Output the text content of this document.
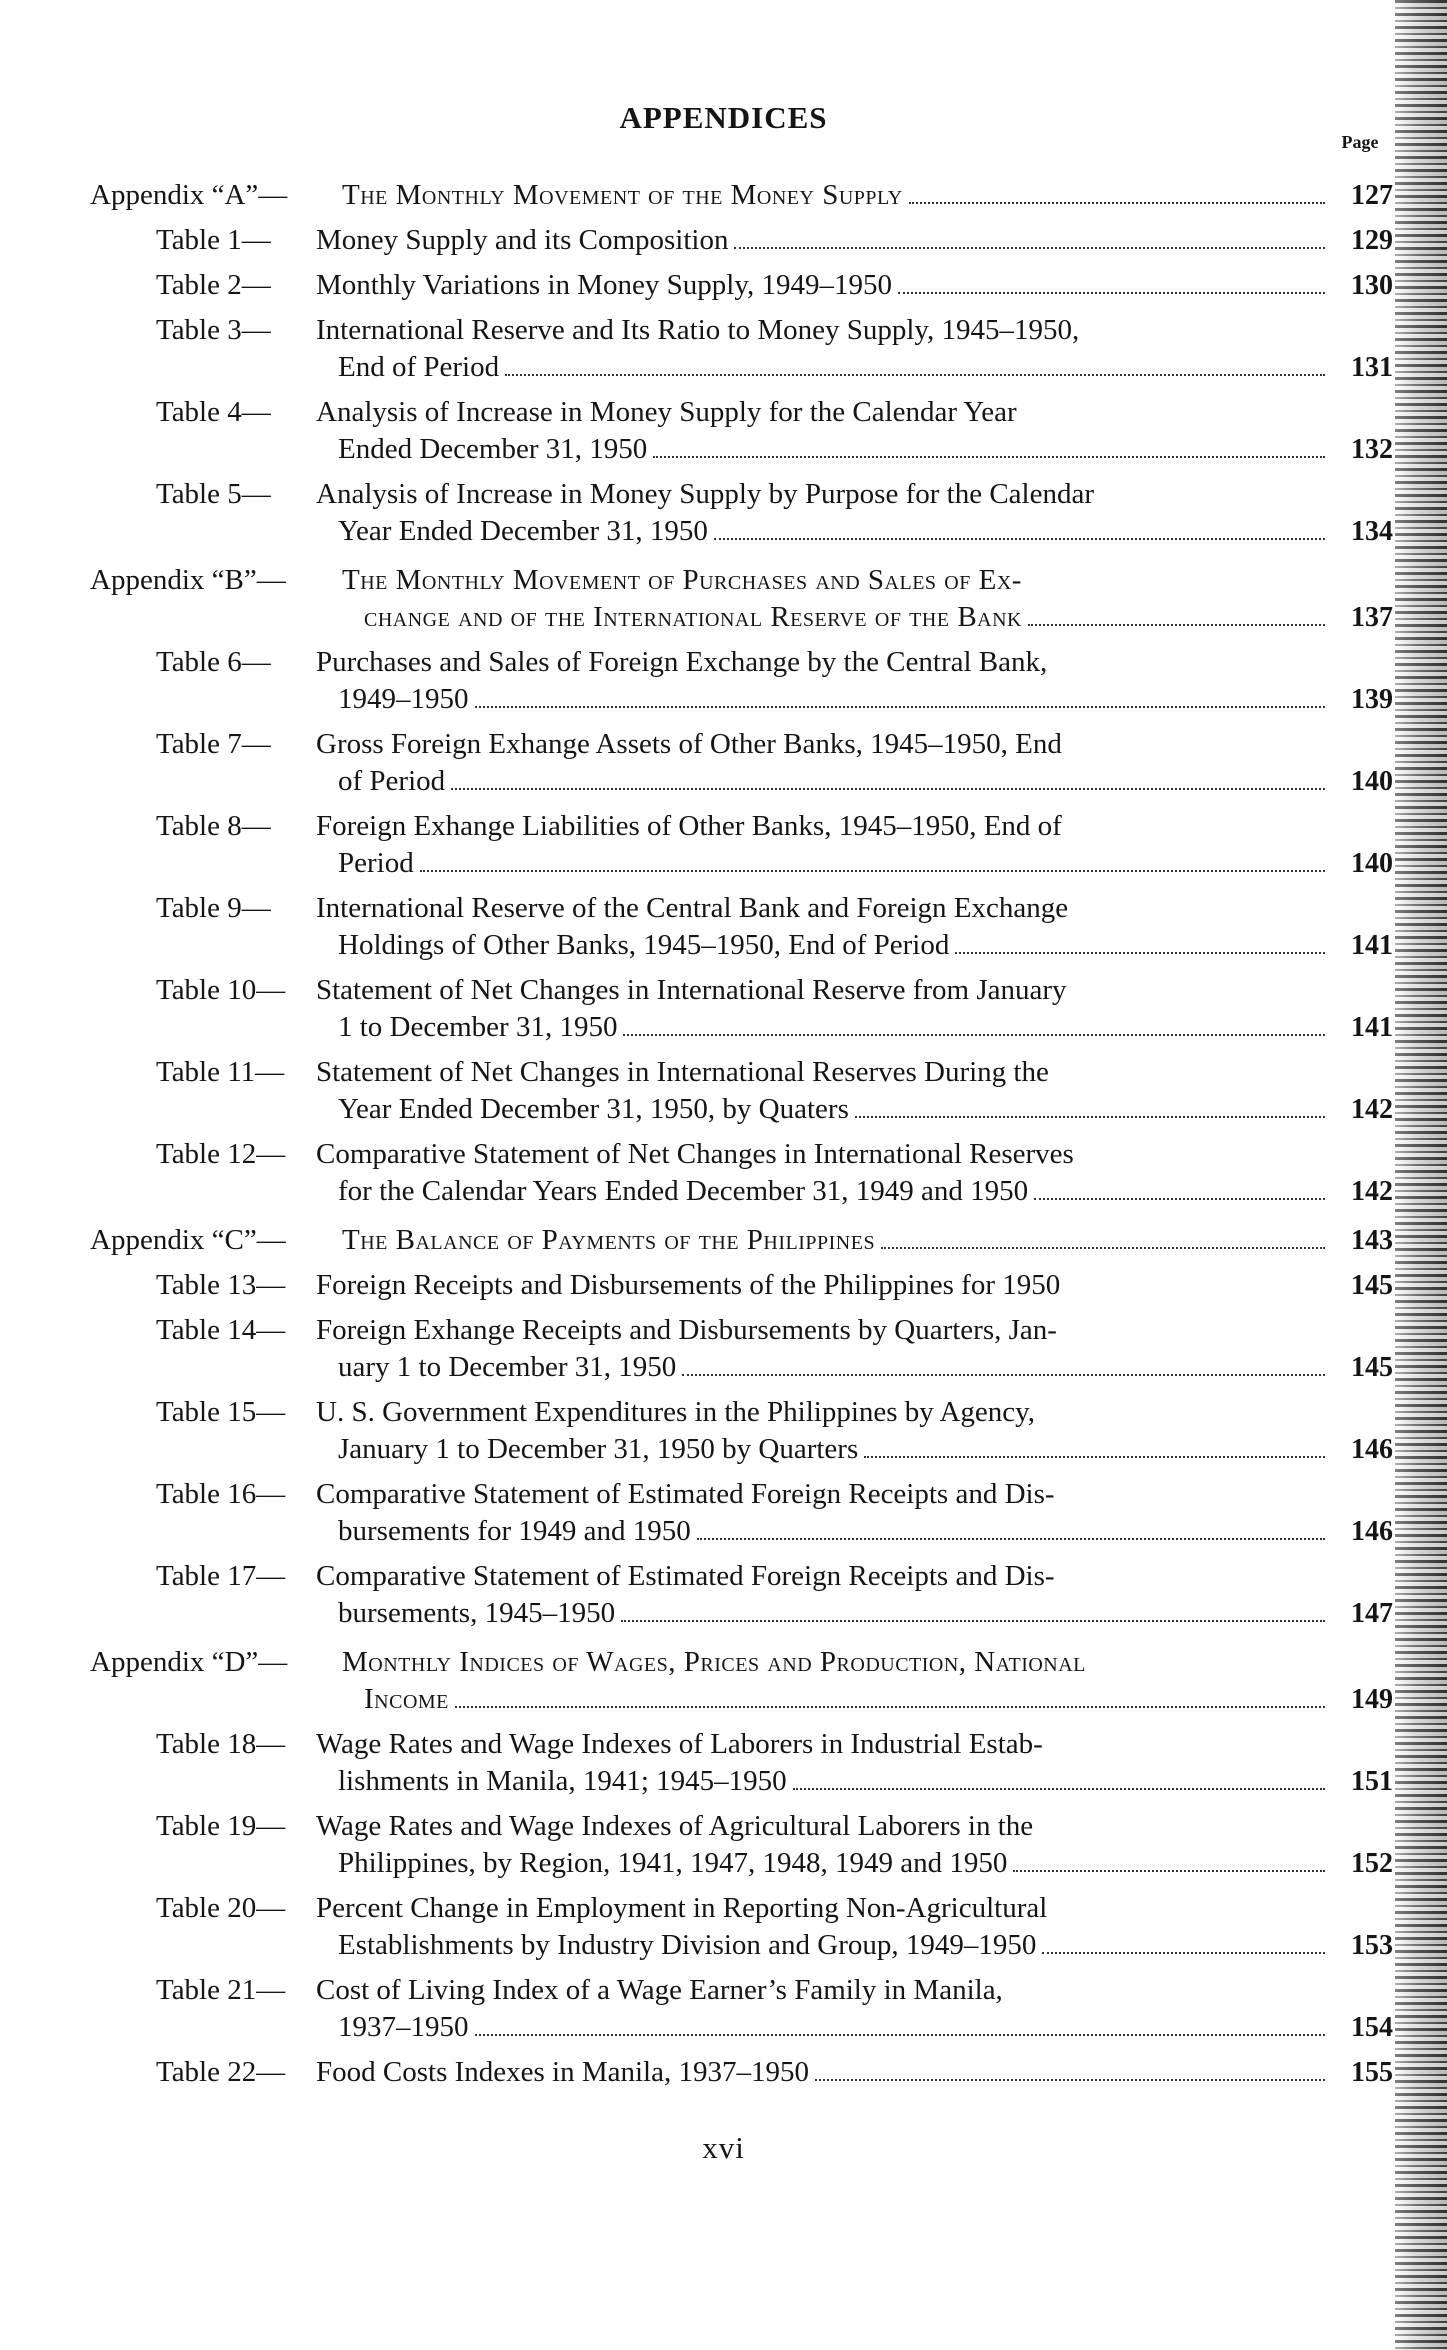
APPENDICES
Page
Appendix “A”— The Monthly Movement of the Money Supply	127
Table 1— Money Supply and its Composition	129
Table 2— Monthly Variations in Money Supply, 1949–1950	130
Table 3— International Reserve and Its Ratio to Money Supply, 1945–1950,
End of Period	131
Table 4— Analysis of Increase in Money Supply for the Calendar Year
Ended December 31, 1950	132
Table 5— Analysis of Increase in Money Supply by Purpose for the Calendar
Year Ended December 31, 1950	134
Appendix “B”— The Monthly Movement of Purchases and Sales of Ex-
change and of the International Reserve of the Bank	137
Table 6— Purchases and Sales of Foreign Exchange by the Central Bank,
1949–1950	139
Table 7— Gross Foreign Exhange Assets of Other Banks, 1945–1950, End
of Period	140
Table 8— Foreign Exhange Liabilities of Other Banks, 1945–1950, End of
Period	140
Table 9— International Reserve of the Central Bank and Foreign Exchange
Holdings of Other Banks, 1945–1950, End of Period	141
Table 10— Statement of Net Changes in International Reserve from January
1 to December 31, 1950	141
Table 11— Statement of Net Changes in International Reserves During the
Year Ended December 31, 1950, by Quaters	142
Table 12— Comparative Statement of Net Changes in International Reserves
for the Calendar Years Ended December 31, 1949 and 1950	142
Appendix “C”— The Balance of Payments of the Philippines	143
Table 13— Foreign Receipts and Disbursements of the Philippines for 1950	145
Table 14— Foreign Exhange Receipts and Disbursements by Quarters, Jan-
uary 1 to December 31, 1950	145
Table 15— U. S. Government Expenditures in the Philippines by Agency,
January 1 to December 31, 1950 by Quarters	146
Table 16— Comparative Statement of Estimated Foreign Receipts and Dis-
bursements for 1949 and 1950	146
Table 17— Comparative Statement of Estimated Foreign Receipts and Dis-
bursements, 1945–1950	147
Appendix “D”— Monthly Indices of Wages, Prices and Production, National
Income	149
Table 18— Wage Rates and Wage Indexes of Laborers in Industrial Estab-
lishments in Manila, 1941; 1945–1950	151
Table 19— Wage Rates and Wage Indexes of Agricultural Laborers in the
Philippines, by Region, 1941, 1947, 1948, 1949 and 1950	152
Table 20— Percent Change in Employment in Reporting Non-Agricultural
Establishments by Industry Division and Group, 1949–1950	153
Table 21— Cost of Living Index of a Wage Earner’s Family in Manila,
1937–1950	154
Table 22— Food Costs Indexes in Manila, 1937–1950	155
xvi
